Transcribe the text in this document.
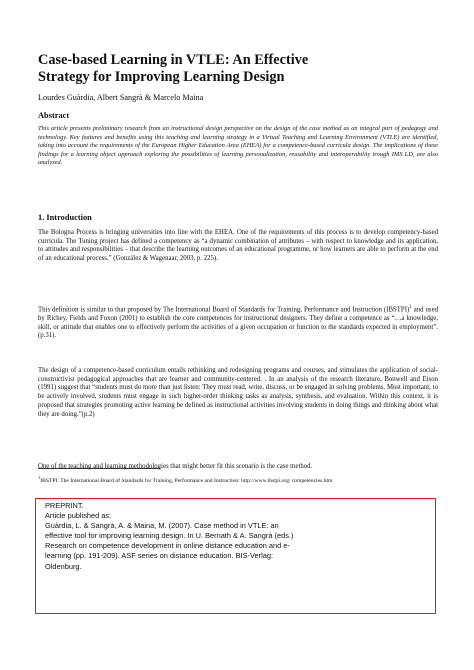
Case-based Learning in VTLE: An Effective
Strategy for Improving Learning Design
Lourdes Guàrdia, Albert Sangrà & Marcelo Maina
Abstract
This article presents preliminary research from an instructional design perspective on the design of the case method as an integral part of pedagogy and technology. Key features and benefits using this teaching and learning strategy in a Virtual Teaching and Learning Environment (VTLE) are identified, taking into account the requirements of the European Higher Education Area (EHEA) for a competence-based curricula design. The implications of these findings for a learning object approach exploring the possibilities of learning personalization, reusability and interoperability trough IMS LD, are also analyzed.
1. Introduction

The Bologna Process is bringing universities into line with the EHEA. One of the requirements of this process is to develop competency-based curricula. The Tuning project has defined a competency as “a dynamic combination of attributes – with respect to knowledge and its application, to attitudes and responsibilities – that describe the learning outcomes of an educational programme, or how learners are able to perform at the end of an educational process.” (González & Wagenaar, 2003, p. 225).

This definition is similar to that proposed by The International Board of Standards for Training, Performance and Instruction (IBSTPI)$^1$ and used by Richey, Fields and Foxon (2001) to establish the core competences for instructional designers. They define a competence as “…a knowledge, skill, or attitude that enables one to effectively perform the activities of a given occupation or function to the standards expected in employment”. (p.31).

The design of a competence-based curriculum entails rethinking and redesigning programs and courses, and stimulates the application of social-constructivist pedagogical approaches that are learner and community-centered. . In an analysis of the research literature, Bonwell and Eison (1991) suggest that “students must do more than just listen: They must read, write, discuss, or be engaged in solving problems. Most important, to be actively involved, students must engage in such higher-order thinking tasks as analysis, synthesis, and evaluation. Within this context, it is proposed that strategies promoting active learning be defined as instructional activities involving students in doing things and thinking about what they are doing.”(p.2)

One of the teaching and learning methodologies that might better fit this scenario is the case method.

$^1$IBSTPI: The International Board of Standards for Training, Performance and Instruction: http://www.ibstpi.org/ competencies.htm
PREPRINT.
Article published as:
Guàrdia, L. & Sangrà, A. & Maina, M. (2007). Case method in VTLE: an
effective tool for improving learning design. In U. Bernath & A. Sangrà (eds.)
Research on competence development in online distance education and e-
learning (pp. 191-209). ASF series on distance education. BIS-Verlag:
Oldenburg.
